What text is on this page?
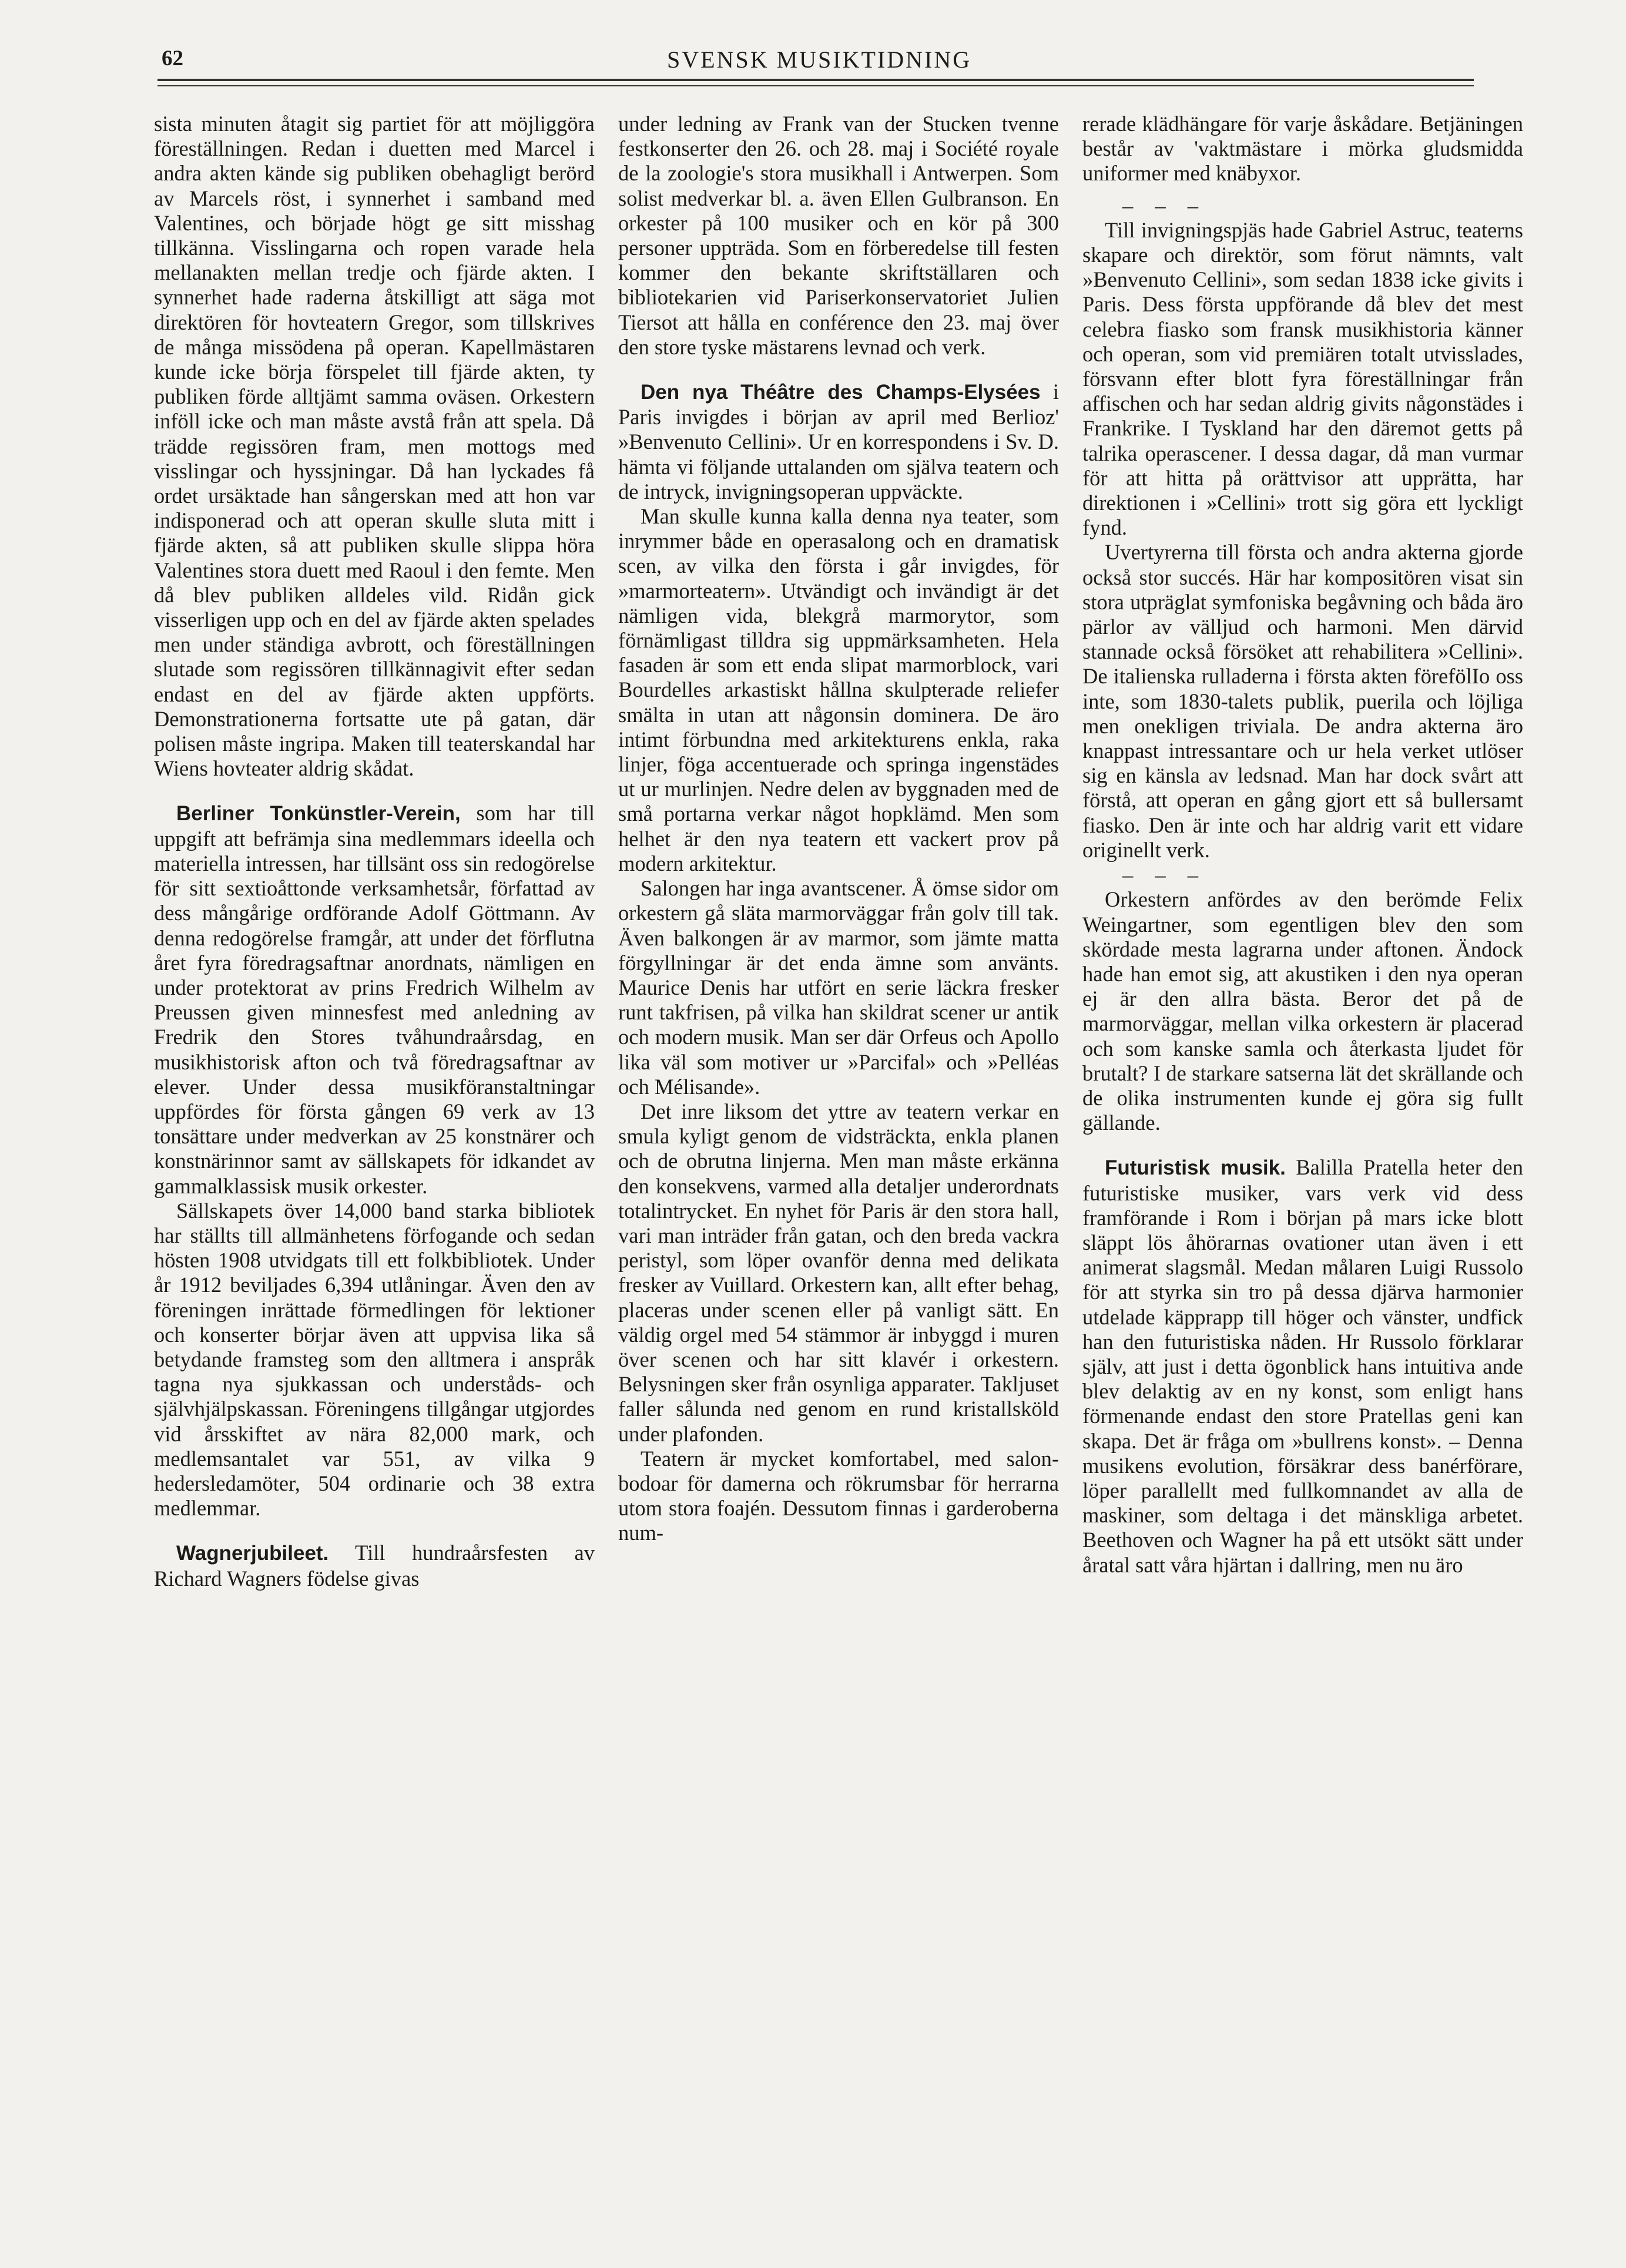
62	SVENSK MUSIKTIDNING

sista minuten åtagit sig partiet för att möjliggöra föreställningen. Redan i duetten med Marcel i andra akten kände sig publiken obehagligt berörd av Marcels röst, i synnerhet i samband med Valentines, och började högt ge sitt misshag tillkänna. Visslingarna och ropen varade hela mellanakten mellan tredje och fjärde akten. I synnerhet hade raderna åtskilligt att säga mot direktören för hovteatern Gregor, som tillskrives de många missödena på operan. Kapellmästaren kunde icke börja förspelet till fjärde akten, ty publiken förde alltjämt samma oväsen. Orkestern inföll icke och man måste avstå från att spela. Då trädde regissören fram, men mottogs med visslingar och hyssjningar. Då han lyckades få ordet ursäktade han sångerskan med att hon var indisponerad och att operan skulle sluta mitt i fjärde akten, så att publiken skulle slippa höra Valentines stora duett med Raoul i den femte. Men då blev publiken alldeles vild. Ridån gick visserligen upp och en del av fjärde akten spelades men under ständiga avbrott, och föreställningen slutade som regissören tillkännagivit efter sedan endast en del av fjärde akten uppförts. Demonstrationerna fortsatte ute på gatan, där polisen måste ingripa. Maken till teaterskandal har Wiens hovteater aldrig skådat.

Berliner Tonkünstler-Verein, som har till uppgift att befrämja sina medlemmars ideella och materiella intressen, har tillsänt oss sin redogörelse för sitt sextioåttonde verksamhetsår, författad av dess mångårige ordförande Adolf Göttmann. Av denna redogörelse framgår, att under det förflutna året fyra föredragsaftnar anordnats, nämligen en under protektorat av prins Fredrich Wilhelm av Preussen given minnesfest med anledning av Fredrik den Stores tvåhundraårsdag, en musikhistorisk afton och två föredragsaftnar av elever. Under dessa musikföranstaltningar uppfördes för första gången 69 verk av 13 tonsättare under medverkan av 25 konstnärer och konstnärinnor samt av sällskapets för idkandet av gammalklassisk musik orkester.

Sällskapets över 14,000 band starka bibliotek har ställts till allmänhetens förfogande och sedan hösten 1908 utvidgats till ett folkbibliotek. Under år 1912 beviljades 6,394 utlåningar. Även den av föreningen inrättade förmedlingen för lektioner och konserter börjar även att uppvisa lika så betydande framsteg som den alltmera i anspråk tagna nya sjukkassan och underståds- och självhjälpskassan. Föreningens tillgångar utgjordes vid årsskiftet av nära 82,000 mark, och medlemsantalet var 551, av vilka 9 hedersledamöter, 504 ordinarie och 38 extra medlemmar.

Wagnerjubileet. Till hundraårsfesten av Richard Wagners födelse givas

under ledning av Frank van der Stucken tvenne festkonserter den 26. och 28. maj i Société royale de la zoologie's stora musikhall i Antwerpen. Som solist medverkar bl. a. även Ellen Gulbranson. En orkester på 100 musiker och en kör på 300 personer uppträda. Som en förberedelse till festen kommer den bekante skriftställaren och bibliotekarien vid Pariserkonservatoriet Julien Tiersot att hålla en conférence den 23. maj över den store tyske mästarens levnad och verk.

Den nya Théâtre des Champs-Elysées i Paris invigdes i början av april med Berlioz' »Benvenuto Cellini». Ur en korrespondens i Sv. D. hämta vi följande uttalanden om själva teatern och de intryck, invigningsoperan uppväckte.

Man skulle kunna kalla denna nya teater, som inrymmer både en operasalong och en dramatisk scen, av vilka den första i går invigdes, för »marmorteatern». Utvändigt och invändigt är det nämligen vida, blekgrå marmorytor, som förnämligast tilldra sig uppmärksamheten. Hela fasaden är som ett enda slipat marmorblock, vari Bourdelles arkastiskt hållna skulpterade reliefer smälta in utan att någonsin dominera. De äro intimt förbundna med arkitekturens enkla, raka linjer, föga accentuerade och springa ingenstädes ut ur murlinjen. Nedre delen av byggnaden med de små portarna verkar något hopklämd. Men som helhet är den nya teatern ett vackert prov på modern arkitektur.

Salongen har inga avantscener. Å ömse sidor om orkestern gå släta marmorväggar från golv till tak. Även balkongen är av marmor, som jämte matta förgyllningar är det enda ämne som använts. Maurice Denis har utfört en serie läckra fresker runt takfrisen, på vilka han skildrat scener ur antik och modern musik. Man ser där Orfeus och Apollo lika väl som motiver ur »Parcifal» och »Pelléas och Mélisande».

Det inre liksom det yttre av teatern verkar en smula kyligt genom de vidsträckta, enkla planen och de obrutna linjerna. Men man måste erkänna den konsekvens, varmed alla detaljer underordnats totalintrycket. En nyhet för Paris är den stora hall, vari man inträder från gatan, och den breda vackra peristyl, som löper ovanför denna med delikata fresker av Vuillard. Orkestern kan, allt efter behag, placeras under scenen eller på vanligt sätt. En väldig orgel med 54 stämmor är inbyggd i muren över scenen och har sitt klavér i orkestern. Belysningen sker från osynliga apparater. Takljuset faller sålunda ned genom en rund kristallsköld under plafonden.

Teatern är mycket komfortabel, med salon-bodoar för damerna och rökrumsbar för herrarna utom stora foajén. Dessutom finnas i garderoberna num-

rerade klädhängare för varje åskådare. Betjäningen består av 'vaktmästare i mörka gludsmidda uniformer med knäbyxor.

– – –

Till invigningspjäs hade Gabriel Astruc, teaterns skapare och direktör, som förut nämnts, valt »Benvenuto Cellini», som sedan 1838 icke givits i Paris. Dess första uppförande då blev det mest celebra fiasko som fransk musikhistoria känner och operan, som vid premiären totalt utvisslades, försvann efter blott fyra föreställningar från affischen och har sedan aldrig givits någonstädes i Frankrike. I Tyskland har den däremot getts på talrika operascener. I dessa dagar, då man vurmar för att hitta på orättvisor att upprätta, har direktionen i »Cellini» trott sig göra ett lyckligt fynd.

Uvertyrerna till första och andra akterna gjorde också stor succés. Här har kompositören visat sin stora utpräglat symfoniska begåvning och båda äro pärlor av välljud och harmoni. Men därvid stannade också försöket att rehabilitera »Cellini». De italienska rulladerna i första akten förefölIo oss inte, som 1830-talets publik, puerila och löjliga men onekligen triviala. De andra akterna äro knappast intressantare och ur hela verket utlöser sig en känsla av ledsnad. Man har dock svårt att förstå, att operan en gång gjort ett så bullersamt fiasko. Den är inte och har aldrig varit ett vidare originellt verk.

– – –

Orkestern anfördes av den berömde Felix Weingartner, som egentligen blev den som skördade mesta lagrarna under aftonen. Ändock hade han emot sig, att akustiken i den nya operan ej är den allra bästa. Beror det på de marmorväggar, mellan vilka orkestern är placerad och som kanske samla och återkasta ljudet för brutalt? I de starkare satserna lät det skrällande och de olika instrumenten kunde ej göra sig fullt gällande.

Futuristisk musik. Balilla Pratella heter den futuristiske musiker, vars verk vid dess framförande i Rom i början på mars icke blott släppt lös åhörarnas ovationer utan även i ett animerat slagsmål. Medan målaren Luigi Russolo för att styrka sin tro på dessa djärva harmonier utdelade käpprapp till höger och vänster, undfick han den futuristiska nåden. Hr Russolo förklarar själv, att just i detta ögonblick hans intuitiva ande blev delaktig av en ny konst, som enligt hans förmenande endast den store Pratellas geni kan skapa. Det är fråga om »bullrens konst». – Denna musikens evolution, försäkrar dess banérförare, löper parallellt med fullkomnandet av alla de maskiner, som deltaga i det mänskliga arbetet. Beethoven och Wagner ha på ett utsökt sätt under åratal satt våra hjärtan i dallring, men nu äro
